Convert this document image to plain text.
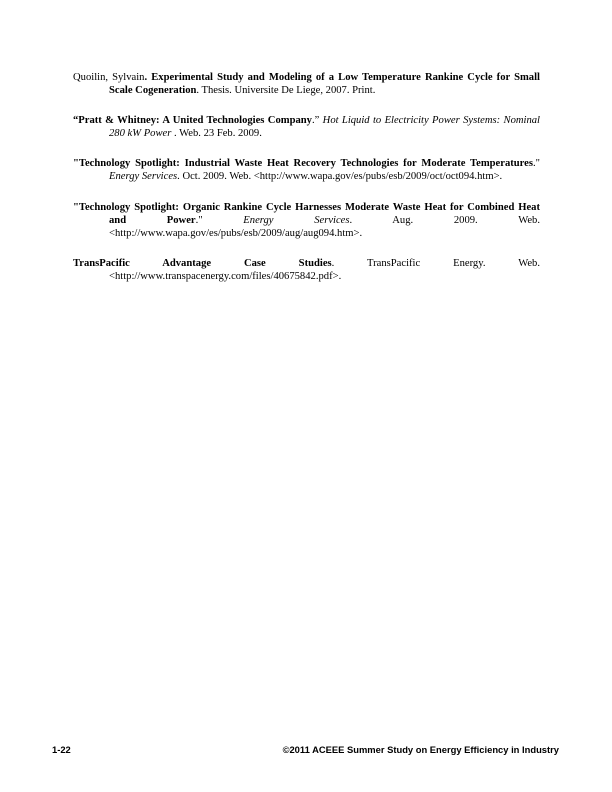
Quoilin, Sylvain. Experimental Study and Modeling of a Low Temperature Rankine Cycle for Small Scale Cogeneration. Thesis. Universite De Liege, 2007. Print.

“Pratt & Whitney: A United Technologies Company.” Hot Liquid to Electricity Power Systems: Nominal 280 kW Power . Web. 23 Feb. 2009.

"Technology Spotlight: Industrial Waste Heat Recovery Technologies for Moderate Temperatures." Energy Services. Oct. 2009. Web. <http://www.wapa.gov/es/pubs/esb/2009/oct/oct094.htm>.

"Technology Spotlight: Organic Rankine Cycle Harnesses Moderate Waste Heat for Combined Heat and Power." Energy Services. Aug. 2009. Web. <http://www.wapa.gov/es/pubs/esb/2009/aug/aug094.htm>.

TransPacific Advantage Case Studies. TransPacific Energy. Web. <http://www.transpacenergy.com/files/40675842.pdf>.

1-22	©2011 ACEEE Summer Study on Energy Efficiency in Industry
